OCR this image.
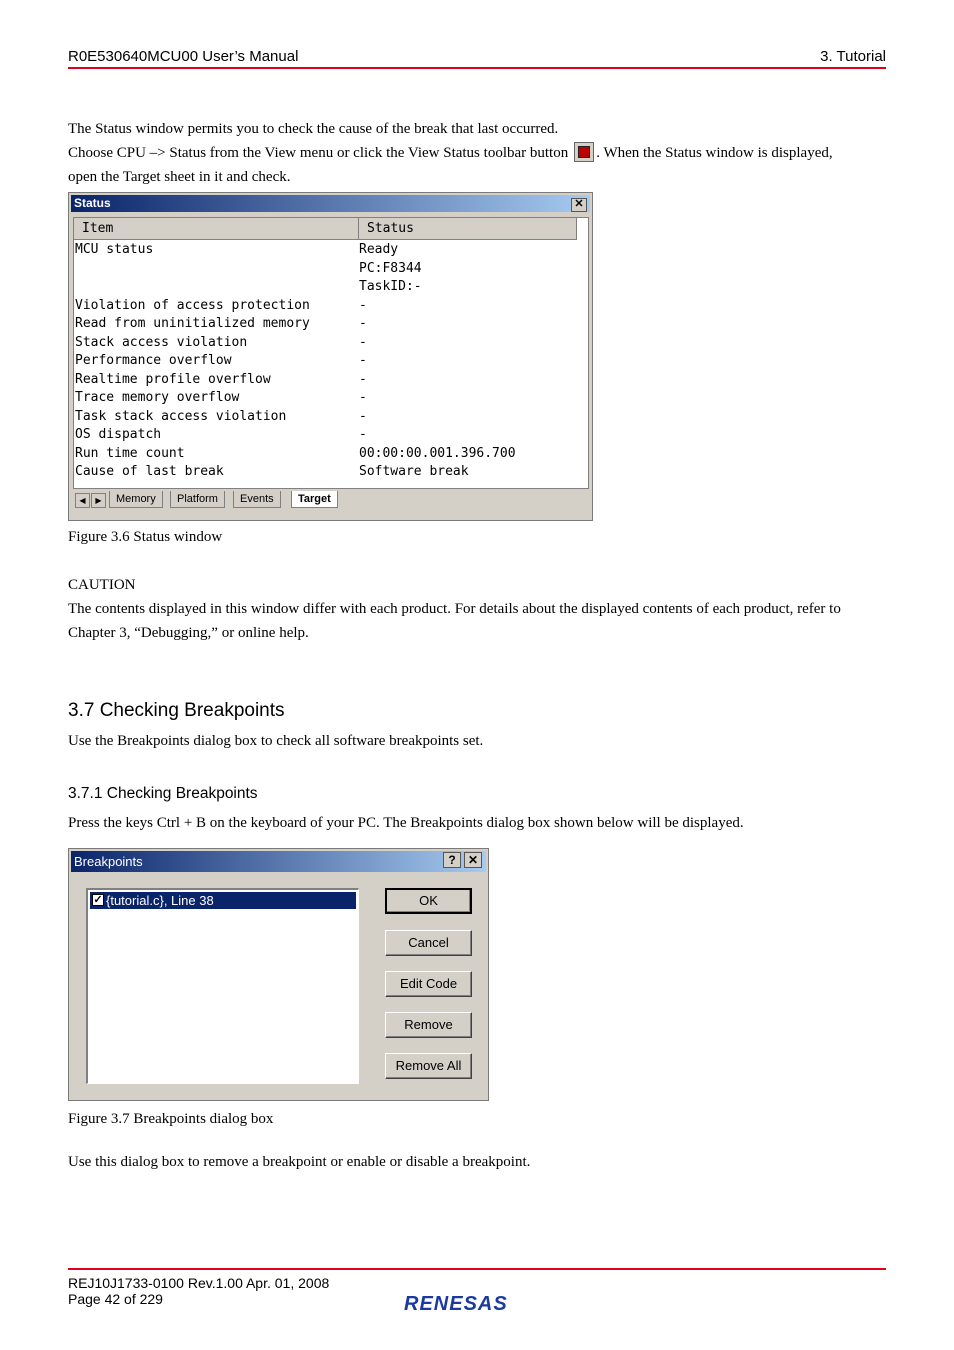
R0E530640MCU00 User’s Manual	3. Tutorial
The Status window permits you to check the cause of the break that last occurred.
Choose CPU –> Status from the View menu or click the View Status toolbar button . When the Status window is displayed,
open the Target sheet in it and check.
Status	✕
Item	Status
MCU status	Ready
PC:F8344
TaskID:-
Violation of access protection	-
Read from uninitialized memory	-
Stack access violation	-
Performance overflow	-
Realtime profile overflow	-
Trace memory overflow	-
Task stack access violation	-
OS dispatch	-
Run time count	00:00:00.001.396.700
Cause of last break	Software break
◀	▶	Memory	Platform	Events	Target
Figure 3.6 Status window
CAUTION
The contents displayed in this window differ with each product. For details about the displayed contents of each product, refer to Chapter 3, “Debugging,” or online help.
3.7 Checking Breakpoints
Use the Breakpoints dialog box to check all software breakpoints set.
3.7.1 Checking Breakpoints
Press the keys Ctrl + B on the keyboard of your PC. The Breakpoints dialog box shown below will be displayed.
Breakpoints	?	✕
✓ {tutorial.c}, Line 38	OK
Cancel
Edit Code
Remove
Remove All
Figure 3.7 Breakpoints dialog box
Use this dialog box to remove a breakpoint or enable or disable a breakpoint.
REJ10J1733-0100 Rev.1.00 Apr. 01, 2008
Page 42 of 229	RENESAS
